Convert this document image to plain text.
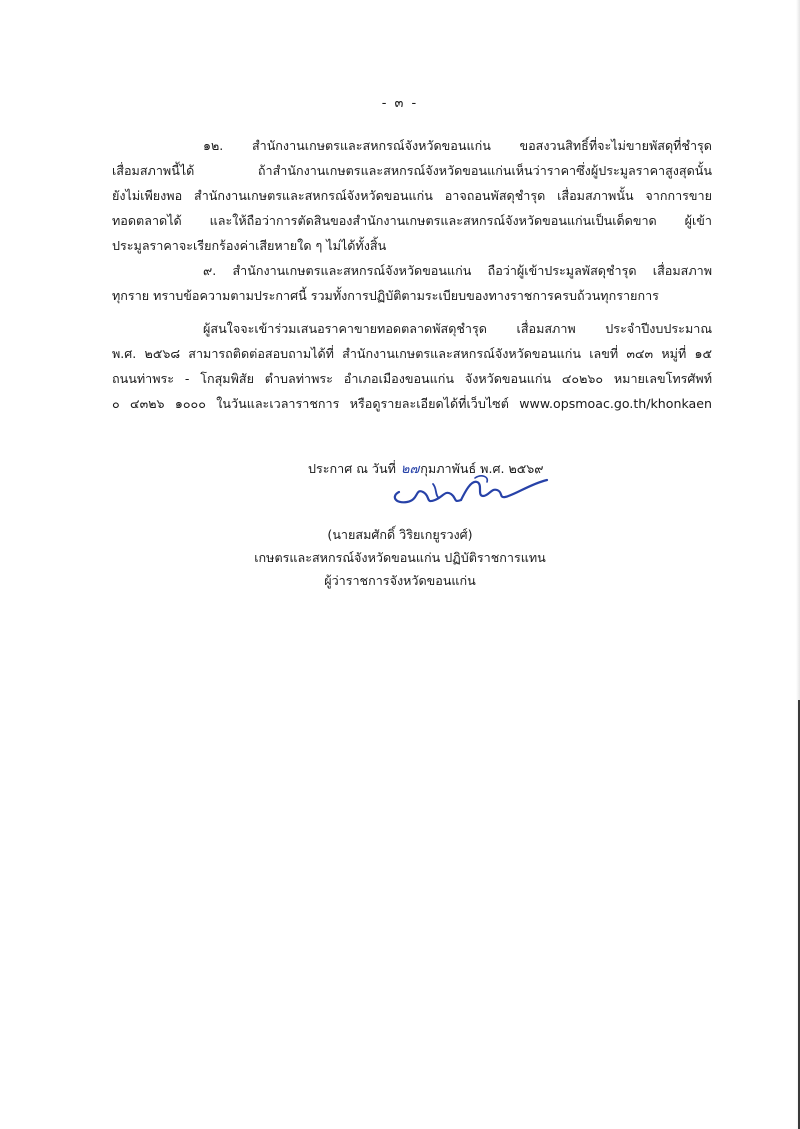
- ๓ -
๑๒. สำนักงานเกษตรและสหกรณ์จังหวัดขอนแก่น ขอสงวนสิทธิ์ที่จะไม่ขายพัสดุที่ชำรุด
เสื่อมสภาพนี้ได้ ถ้าสำนักงานเกษตรและสหกรณ์จังหวัดขอนแก่นเห็นว่าราคาซึ่งผู้ประมูลราคาสูงสุดนั้น
ยังไม่เพียงพอ สำนักงานเกษตรและสหกรณ์จังหวัดขอนแก่น อาจถอนพัสดุชำรุด เสื่อมสภาพนั้น จากการขาย
ทอดตลาดได้ และให้ถือว่าการตัดสินของสำนักงานเกษตรและสหกรณ์จังหวัดขอนแก่นเป็นเด็ดขาด ผู้เข้า
ประมูลราคาจะเรียกร้องค่าเสียหายใด ๆ ไม่ได้ทั้งสิ้น
๙. สำนักงานเกษตรและสหกรณ์จังหวัดขอนแก่น ถือว่าผู้เข้าประมูลพัสดุชำรุด เสื่อมสภาพ
ทุกราย ทราบข้อความตามประกาศนี้ รวมทั้งการปฏิบัติตามระเบียบของทางราชการครบถ้วนทุกรายการ
ผู้สนใจจะเข้าร่วมเสนอราคาขายทอดตลาดพัสดุชำรุด เสื่อมสภาพ ประจำปีงบประมาณ
พ.ศ. ๒๕๖๘ สามารถติดต่อสอบถามได้ที่ สำนักงานเกษตรและสหกรณ์จังหวัดขอนแก่น เลขที่ ๓๔๓ หมู่ที่ ๑๕
ถนนท่าพระ - โกสุมพิสัย ตำบลท่าพระ อำเภอเมืองขอนแก่น จังหวัดขอนแก่น ๔๐๒๖๐ หมายเลขโทรศัพท์
๐ ๔๓๒๖ ๑๐๐๐ ในวันและเวลาราชการ หรือดูรายละเอียดได้ที่เว็บไซต์ www.opsmoac.go.th/khonkaen
ประกาศ ณ วันที่ ๒๗กุมภาพันธ์ พ.ศ. ๒๕๖๙
(นายสมศักดิ์ วิริยเกยูรวงศ์)
เกษตรและสหกรณ์จังหวัดขอนแก่น ปฏิบัติราชการแทน
ผู้ว่าราชการจังหวัดขอนแก่น
